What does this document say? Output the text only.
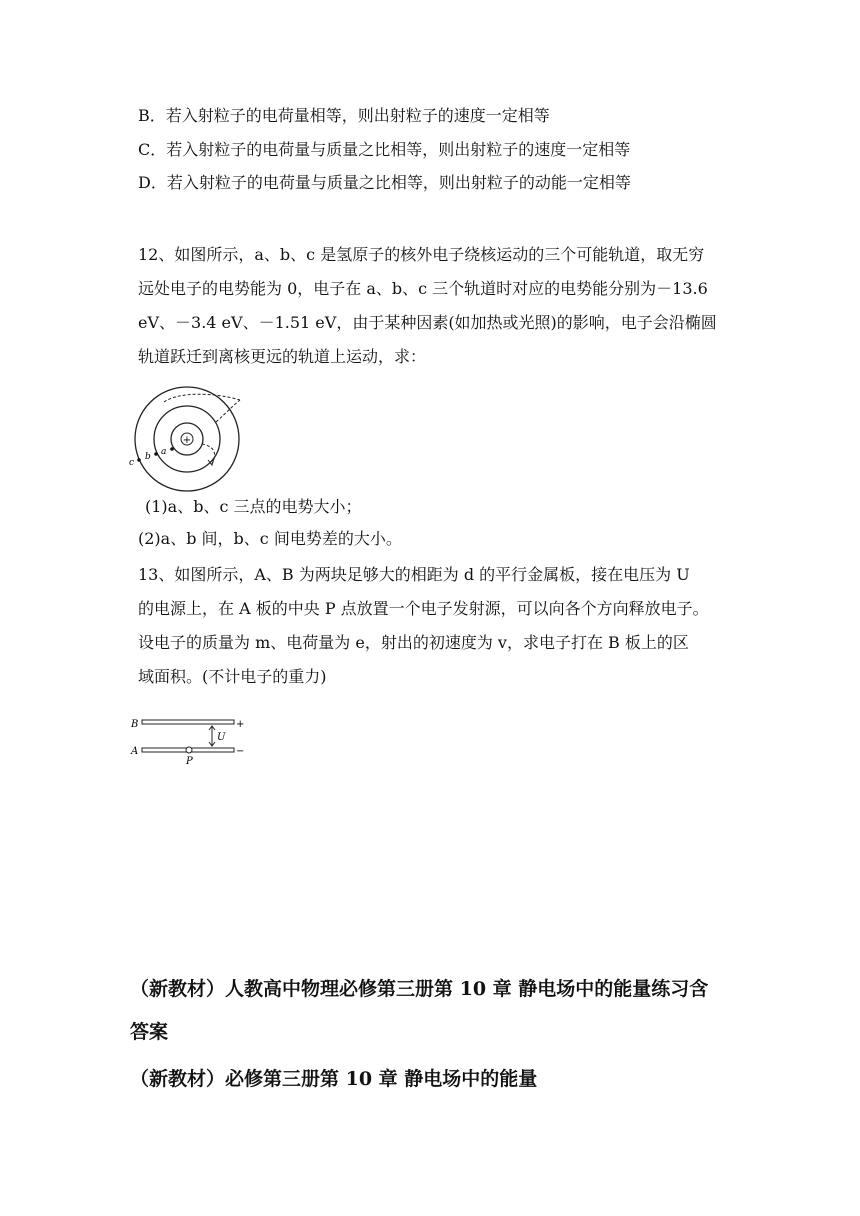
B．若入射粒子的电荷量相等，则出射粒子的速度一定相等
C．若入射粒子的电荷量与质量之比相等，则出射粒子的速度一定相等
D．若入射粒子的电荷量与质量之比相等，则出射粒子的动能一定相等
12、如图所示，a、b、c 是氢原子的核外电子绕核运动的三个可能轨道，取无穷
远处电子的电势能为 0，电子在 a、b、c 三个轨道时对应的电势能分别为－13.6
eV、－3.4 eV、－1.51 eV，由于某种因素(如加热或光照)的影响，电子会沿椭圆
轨道跃迁到离核更远的轨道上运动，求：
+
a
b
c
(1)a、b、c 三点的电势大小；
(2)a、b 间，b、c 间电势差的大小。
13、如图所示，A、B 为两块足够大的相距为 d 的平行金属板，接在电压为 U
的电源上，在 A 板的中央 P 点放置一个电子发射源，可以向各个方向释放电子。
设电子的质量为 m、电荷量为 e，射出的初速度为 v，求电子打在 B 板上的区
域面积。(不计电子的重力)
B
A
U
P
+
−
（新教材）人教高中物理必修第三册第 10 章 静电场中的能量练习含
答案
（新教材）必修第三册第 10 章 静电场中的能量
